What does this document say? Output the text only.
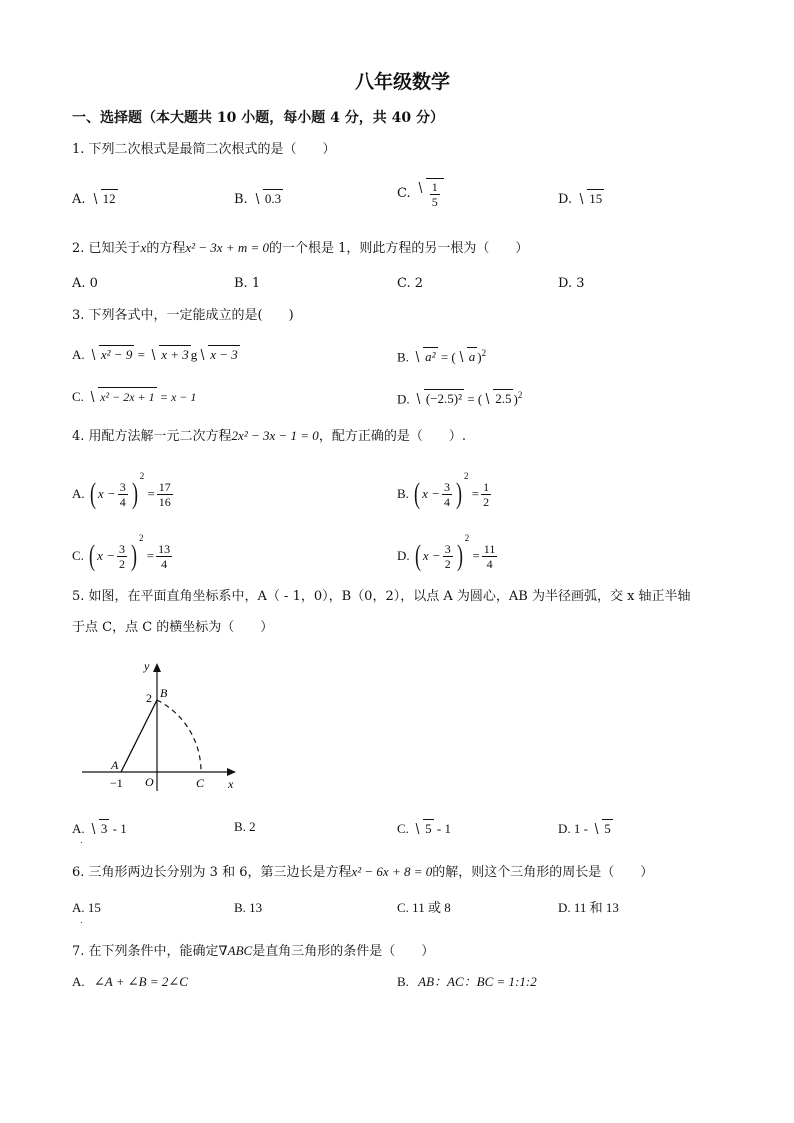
八年级数学
一、选择题（本大题共 10 小题，每小题 4 分，共 40 分）
1. 下列二次根式是最简二次根式的是（　　）
A. 12	B. 0.3	C. $\frac{1}{5}$	D. 15
2. 已知关于x的方程x² − 3x + m = 0的一个根是 1，则此方程的另一根为（　　）
A. 0	B. 1	C. 2	D. 3
3. 下列各式中，一定能成立的是(　　)
A. x² − 9 = x + 3 g x − 3	B. a² = ( a )$^2$
C. x² − 2x + 1 = x − 1	D. (−2.5)² = ( 2.5 )$^2$
4. 用配方法解一元二次方程2x² − 3x − 1 = 0，配方正确的是（　　）.
A. ( $x - \frac{3}{4} )^2 = \frac{17}{16}$	B. ( $x - \frac{3}{4} )^2 = \frac{1}{2}$
C. ( $x - \frac{3}{2} )^2 = \frac{13}{4}$	D. ( $x - \frac{3}{2} )^2 = \frac{11}{4}$
5. 如图，在平面直角坐标系中，A（ - 1，0），B（0，2），以点 A 为圆心，AB 为半径画弧，交 x 轴正半轴
于点 C，点 C 的横坐标为（　　）
y
x
2 B
A
−1 O	C
A. 3 - 1
.
B. 2	C. 5 - 1	D. 1 - 5
6. 三角形两边长分别为 3 和 6，第三边长是方程x² − 6x + 8 = 0的解，则这个三角形的周长是（　　）
A. 15
.
B. 13	C. 11 或 8	D. 11 和 13
7. 在下列条件中，能确定∇ABC是直角三角形的条件是（　　）
A. ∠A + ∠B = 2∠C	B. AB：AC：BC = 1:1:2
